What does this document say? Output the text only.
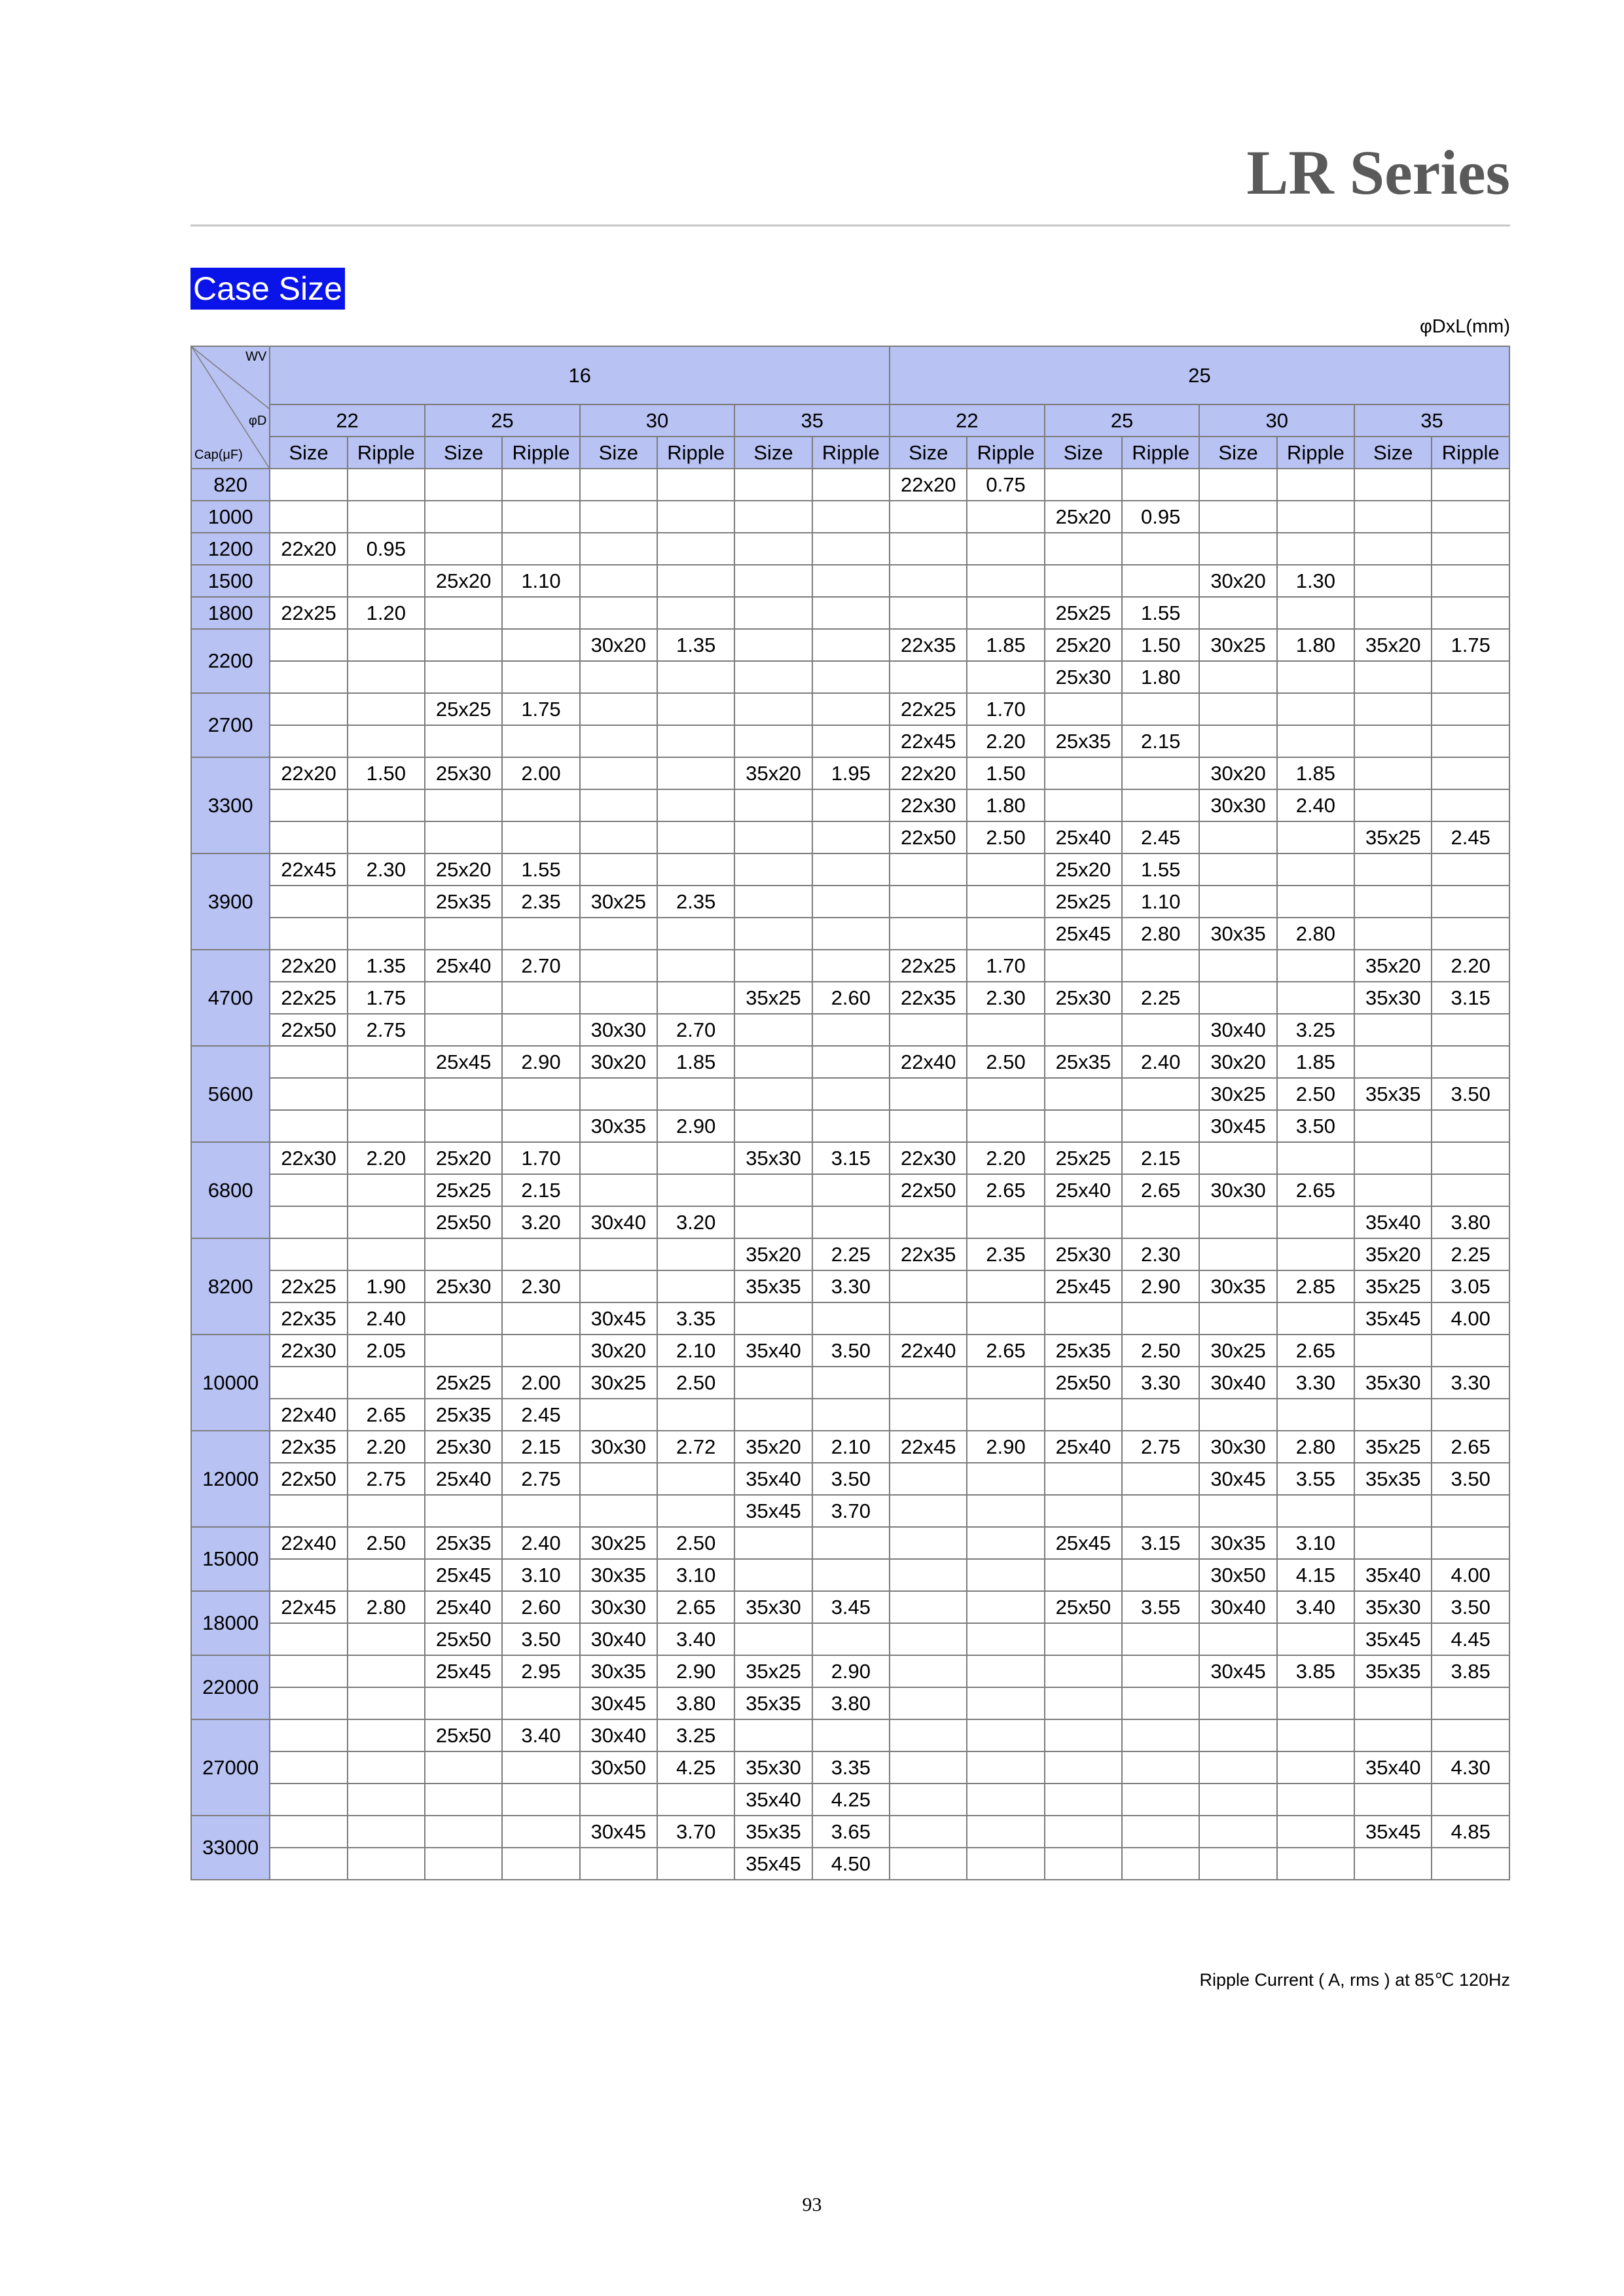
LR Series
Case Size
φDxL(mm)
WV
φD
Cap(μF)	16								25							
	22		25		30		35		22		25		30		35	
	Size	Ripple	Size	Ripple	Size	Ripple	Size	Ripple	Size	Ripple	Size	Ripple	Size	Ripple	Size	Ripple
820									22x20	0.75						
1000											25x20	0.95				
1200	22x20	0.95														
1500			25x20	1.10									30x20	1.30		
1800	22x25	1.20									25x25	1.55				
2200					30x20	1.35			22x35	1.85	25x20	1.50	30x25	1.80	35x20	1.75
											25x30	1.80				
2700			25x25	1.75					22x25	1.70						
									22x45	2.20	25x35	2.15				
3300	22x20	1.50	25x30	2.00			35x20	1.95	22x20	1.50			30x20	1.85		
									22x30	1.80			30x30	2.40		
									22x50	2.50	25x40	2.45			35x25	2.45
3900	22x45	2.30	25x20	1.55							25x20	1.55				
			25x35	2.35	30x25	2.35					25x25	1.10				
											25x45	2.80	30x35	2.80		
4700	22x20	1.35	25x40	2.70					22x25	1.70					35x20	2.20
	22x25	1.75					35x25	2.60	22x35	2.30	25x30	2.25			35x30	3.15
	22x50	2.75			30x30	2.70							30x40	3.25		
5600			25x45	2.90	30x20	1.85			22x40	2.50	25x35	2.40	30x20	1.85		
													30x25	2.50	35x35	3.50
					30x35	2.90							30x45	3.50		
6800	22x30	2.20	25x20	1.70			35x30	3.15	22x30	2.20	25x25	2.15				
			25x25	2.15					22x50	2.65	25x40	2.65	30x30	2.65		
			25x50	3.20	30x40	3.20									35x40	3.80
8200							35x20	2.25	22x35	2.35	25x30	2.30			35x20	2.25
	22x25	1.90	25x30	2.30			35x35	3.30			25x45	2.90	30x35	2.85	35x25	3.05
	22x35	2.40			30x45	3.35									35x45	4.00
10000	22x30	2.05			30x20	2.10	35x40	3.50	22x40	2.65	25x35	2.50	30x25	2.65		
			25x25	2.00	30x25	2.50					25x50	3.30	30x40	3.30	35x30	3.30
	22x40	2.65	25x35	2.45												
12000	22x35	2.20	25x30	2.15	30x30	2.72	35x20	2.10	22x45	2.90	25x40	2.75	30x30	2.80	35x25	2.65
	22x50	2.75	25x40	2.75			35x40	3.50					30x45	3.55	35x35	3.50
							35x45	3.70								
15000	22x40	2.50	25x35	2.40	30x25	2.50					25x45	3.15	30x35	3.10		
			25x45	3.10	30x35	3.10							30x50	4.15	35x40	4.00
18000	22x45	2.80	25x40	2.60	30x30	2.65	35x30	3.45			25x50	3.55	30x40	3.40	35x30	3.50
			25x50	3.50	30x40	3.40									35x45	4.45
22000			25x45	2.95	30x35	2.90	35x25	2.90					30x45	3.85	35x35	3.85
					30x45	3.80	35x35	3.80								
27000			25x50	3.40	30x40	3.25										
					30x50	4.25	35x30	3.35							35x40	4.30
							35x40	4.25								
33000					30x45	3.70	35x35	3.65							35x45	4.85
							35x45	4.50								
Ripple Current ( A, rms ) at 85℃ 120Hz
93
